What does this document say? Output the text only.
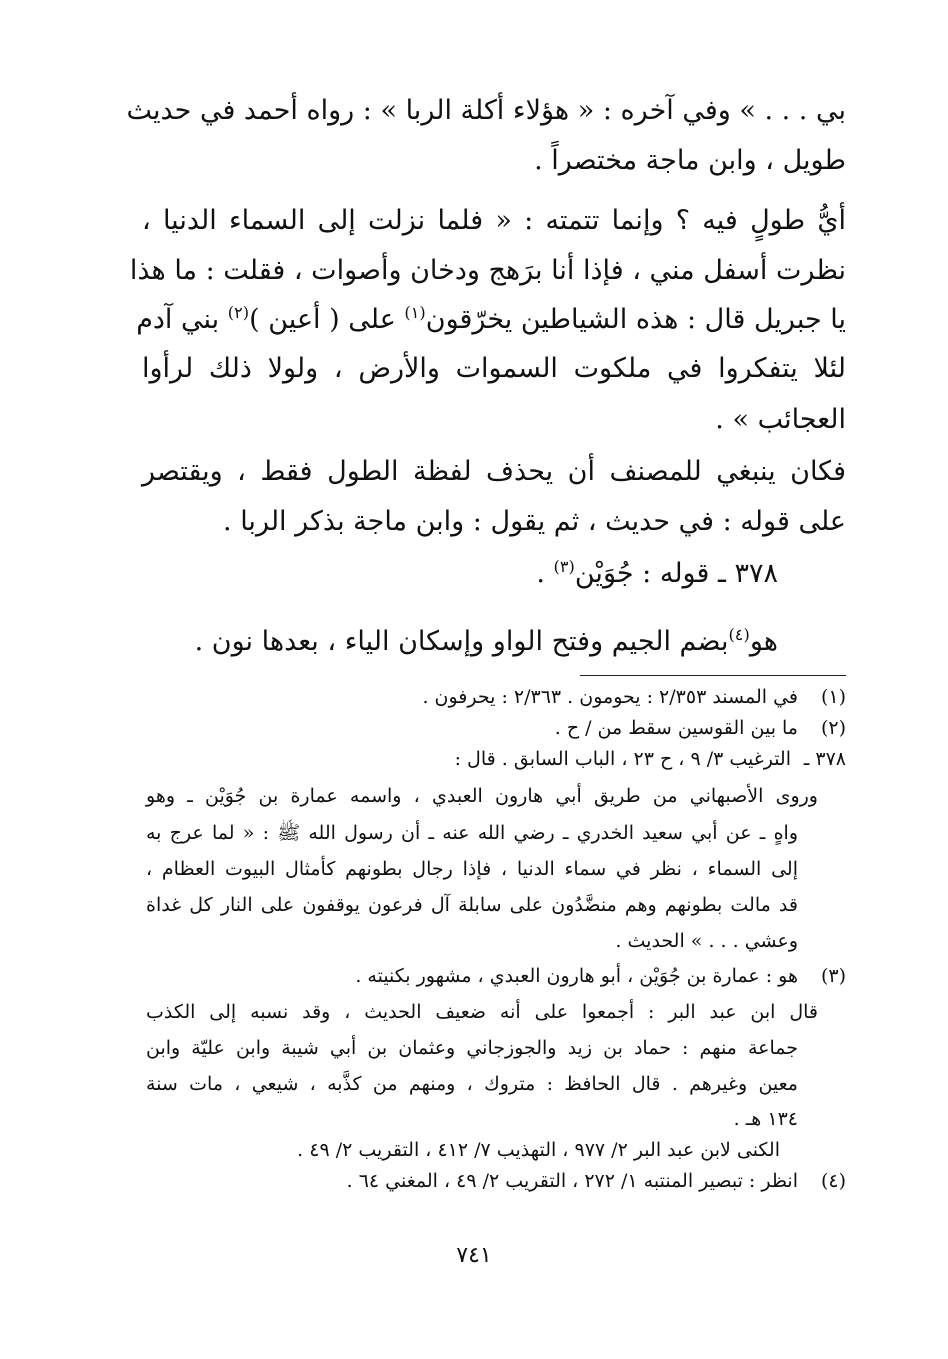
بي . . . » وفي آخره : « هؤلاء أكلة الربا » : رواه أحمد في حديث

طويل ، وابن ماجة مختصراً .

أيُّ طولٍ فيه ؟ وإنما تتمته : « فلما نزلت إلى السماء الدنيا ،

نظرت أسفل مني ، فإذا أنا برَهج ودخان وأصوات ، فقلت : ما هذا

يا جبريل قال : هذه الشياطين يخرّقون$^{(١)}$ على ( أعين )$^{(٢)}$ بني آدم

لئلا يتفكروا في ملكوت السموات والأرض ، ولولا ذلك لرأوا

العجائب » .

فكان ينبغي للمصنف أن يحذف لفظة الطول فقط ، ويقتصر

على قوله : في حديث ، ثم يقول : وابن ماجة بذكر الربا .

٣٧٨ ـ قوله : جُوَيْن$^{(٣)}$ .

هو$^{(٤)}$بضم الجيم وفتح الواو وإسكان الياء ، بعدها نون .

(١)

في المسند ٢/٣٥٣ : يحومون . ٢/٣٦٣ : يحرفون .

(٢)

ما بين القوسين سقط من / ح .

٣٧٨ ـ

الترغيب ٣/ ٩ ، ح ٢٣ ، الباب السابق . قال :

وروى الأصبهاني من طريق أبي هارون العبدي ، واسمه عمارة بن جُوَيْن ـ وهو

واهٍ ـ عن أبي سعيد الخدري ـ رضي الله عنه ـ أن رسول الله ﷺ : « لما عرج به

إلى السماء ، نظر في سماء الدنيا ، فإذا رجال بطونهم كأمثال البيوت العظام ،

قد مالت بطونهم وهم منضَّدُون على سابلة آل فرعون يوقفون على النار كل غداة

وعشي . . . » الحديث .

(٣)

هو : عمارة بن جُوَيْن ، أبو هارون العبدي ، مشهور بكنيته .

قال ابن عبد البر : أجمعوا على أنه ضعيف الحديث ، وقد نسبه إلى الكذب

جماعة منهم : حماد بن زيد والجوزجاني وعثمان بن أبي شيبة وابن عليّة وابن

معين وغيرهم . قال الحافظ : متروك ، ومنهم من كذَّبه ، شيعي ، مات سنة

١٣٤ هـ .

الكنى لابن عبد البر ٢/ ٩٧٧ ، التهذيب ٧/ ٤١٢ ، التقريب ٢/ ٤٩ .

(٤)

انظر : تبصير المنتبه ١/ ٢٧٢ ، التقريب ٢/ ٤٩ ، المغني ٦٤ .

٧٤١
